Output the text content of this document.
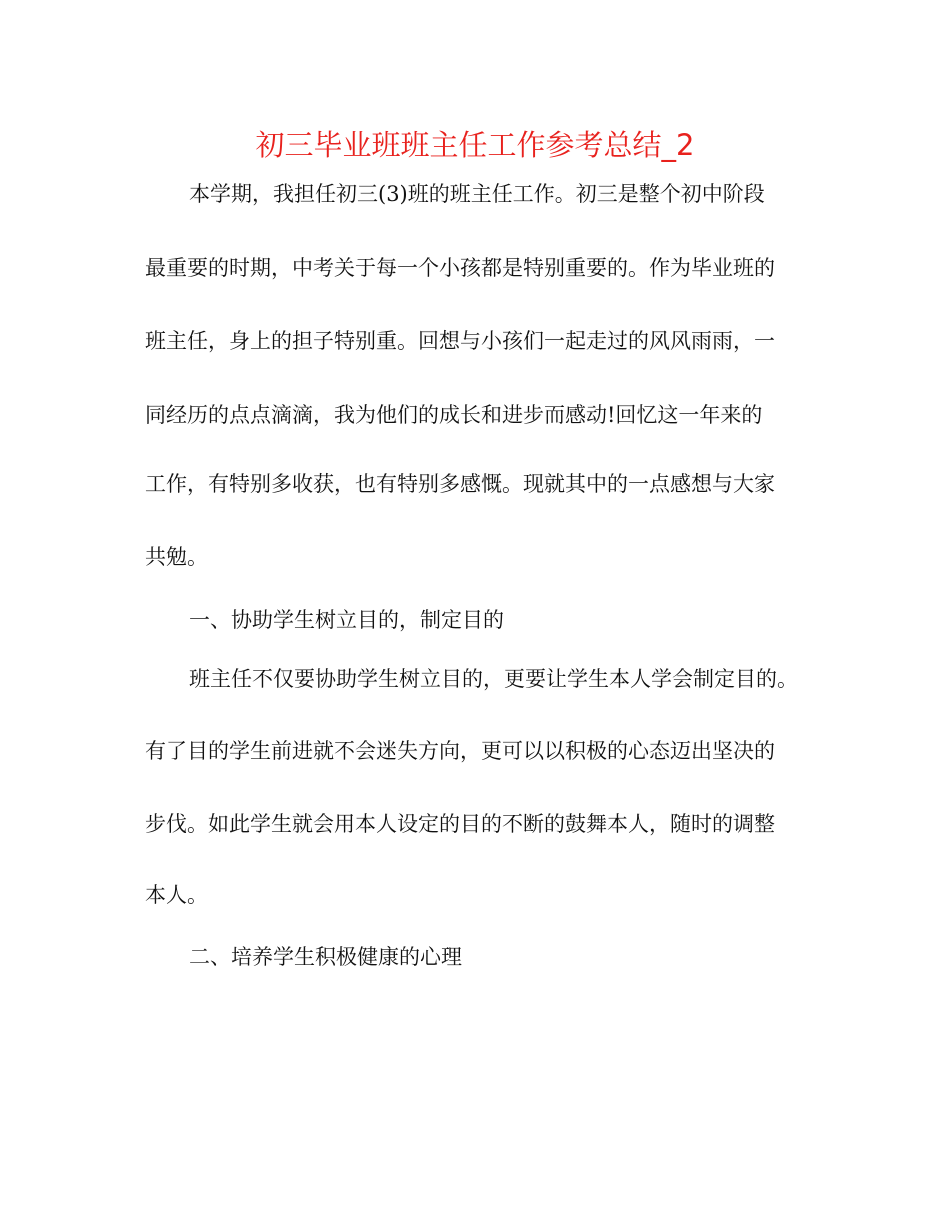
初三毕业班班主任工作参考总结_2

本学期，我担任初三(3)班的班主任工作。初三是整个初中阶段

最重要的时期，中考关于每一个小孩都是特别重要的。作为毕业班的

班主任，身上的担子特别重。回想与小孩们一起走过的风风雨雨，一

同经历的点点滴滴，我为他们的成长和进步而感动!回忆这一年来的

工作，有特别多收获，也有特别多感慨。现就其中的一点感想与大家

共勉。

一、协助学生树立目的，制定目的

班主任不仅要协助学生树立目的，更要让学生本人学会制定目的。

有了目的学生前进就不会迷失方向，更可以以积极的心态迈出坚决的

步伐。如此学生就会用本人设定的目的不断的鼓舞本人，随时的调整

本人。

二、培养学生积极健康的心理
